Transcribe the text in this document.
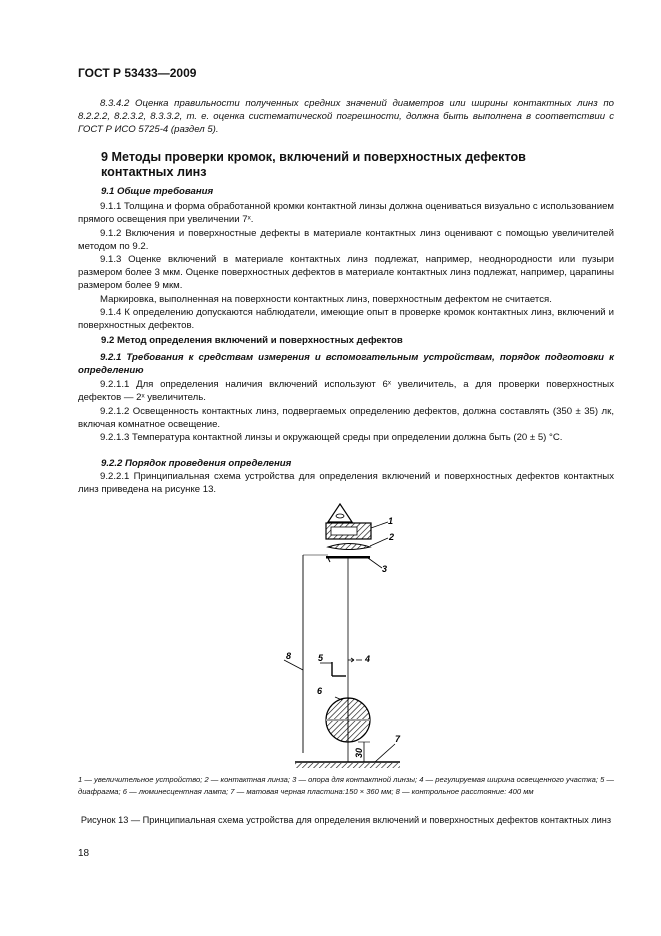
ГОСТ Р 53433—2009

8.3.4.2 Оценка правильности полученных средних значений диаметров или ширины контактных линз по 8.2.2.2, 8.2.3.2, 8.3.3.2, т. е. оценка систематической погрешности, должна быть выполнена в соответствии с ГОСТ Р ИСО 5725-4 (раздел 5).

9 Методы проверки кромок, включений и поверхностных дефектов контактных линз

9.1 Общие требования

9.1.1 Толщина и форма обработанной кромки контактной линзы должна оцениваться визуально с использованием прямого освещения при увеличении 7ˣ.

9.1.2 Включения и поверхностные дефекты в материале контактных линз оценивают с помощью увеличителей методом по 9.2.

9.1.3 Оценке включений в материале контактных линз подлежат, например, неоднородности или пузыри размером более 3 мкм. Оценке поверхностных дефектов в материале контактных линз подлежат, например, царапины размером более 9 мкм.

Маркировка, выполненная на поверхности контактных линз, поверхностным дефектом не считается.

9.1.4 К определению допускаются наблюдатели, имеющие опыт в проверке кромок контактных линз, включений и поверхностных дефектов.

9.2 Метод определения включений и поверхностных дефектов

9.2.1 Требования к средствам измерения и вспомогательным устройствам, порядок подготовки к определению

9.2.1.1 Для определения наличия включений используют 6ˣ увеличитель, а для проверки поверхностных дефектов — 2ˣ увеличитель.

9.2.1.2 Освещенность контактных линз, подвергаемых определению дефектов, должна составлять (350 ± 35) лк, включая комнатное освещение.

9.2.1.3 Температура контактной линзы и окружающей среды при определении должна быть (20 ± 5) °С.

9.2.2 Порядок проведения определения

9.2.2.1 Принципиальная схема устройства для определения включений и поверхностных дефектов контактных линз приведена на рисунке 13.

1
2
3
4
5
6
7
8
30

1 — увеличительное устройство; 2 — контактная линза; 3 — опора для контактной линзы; 4 — регулируемая ширина освещенного участка; 5 — диафрагма; 6 — люминесцентная лампа; 7 — матовая черная пластина:150 × 360 мм; 8 — контрольное расстояние: 400 мм

Рисунок 13 — Принципиальная схема устройства для определения включений и поверхностных дефектов контактных линз

18
